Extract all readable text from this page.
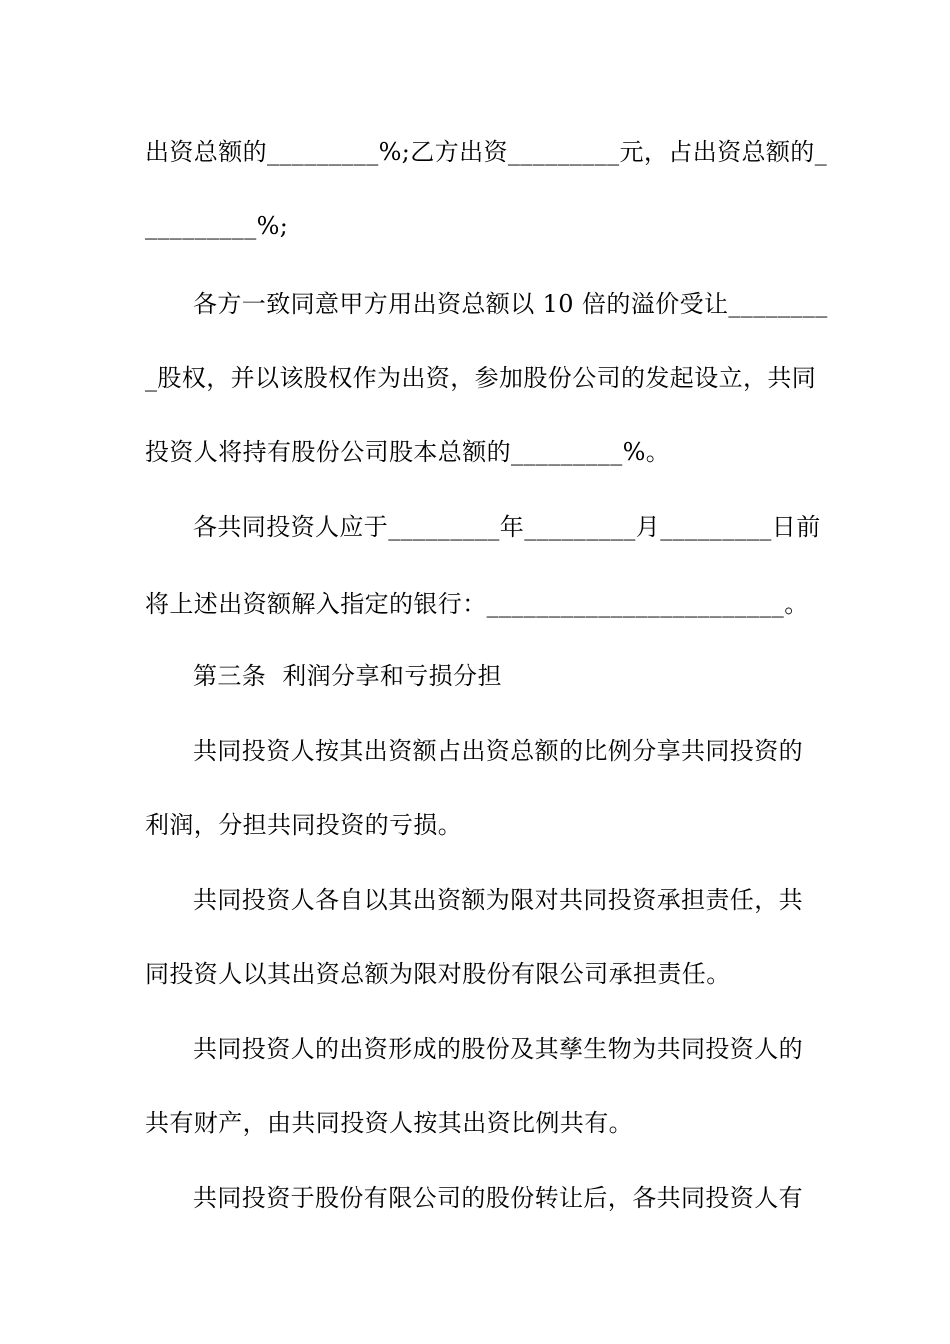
出资总额的_________%;乙方出资_________元，占出资总额的_
_________%;
各方一致同意甲方用出资总额以 10 倍的溢价受让________
_股权，并以该股权作为出资，参加股份公司的发起设立，共同
投资人将持有股份公司股本总额的_________%。
各共同投资人应于_________年_________月_________日前
将上述出资额解入指定的银行：________________________。
第三条  利润分享和亏损分担
共同投资人按其出资额占出资总额的比例分享共同投资的
利润，分担共同投资的亏损。
共同投资人各自以其出资额为限对共同投资承担责任，共
同投资人以其出资总额为限对股份有限公司承担责任。
共同投资人的出资形成的股份及其孳生物为共同投资人的
共有财产，由共同投资人按其出资比例共有。
共同投资于股份有限公司的股份转让后，各共同投资人有
